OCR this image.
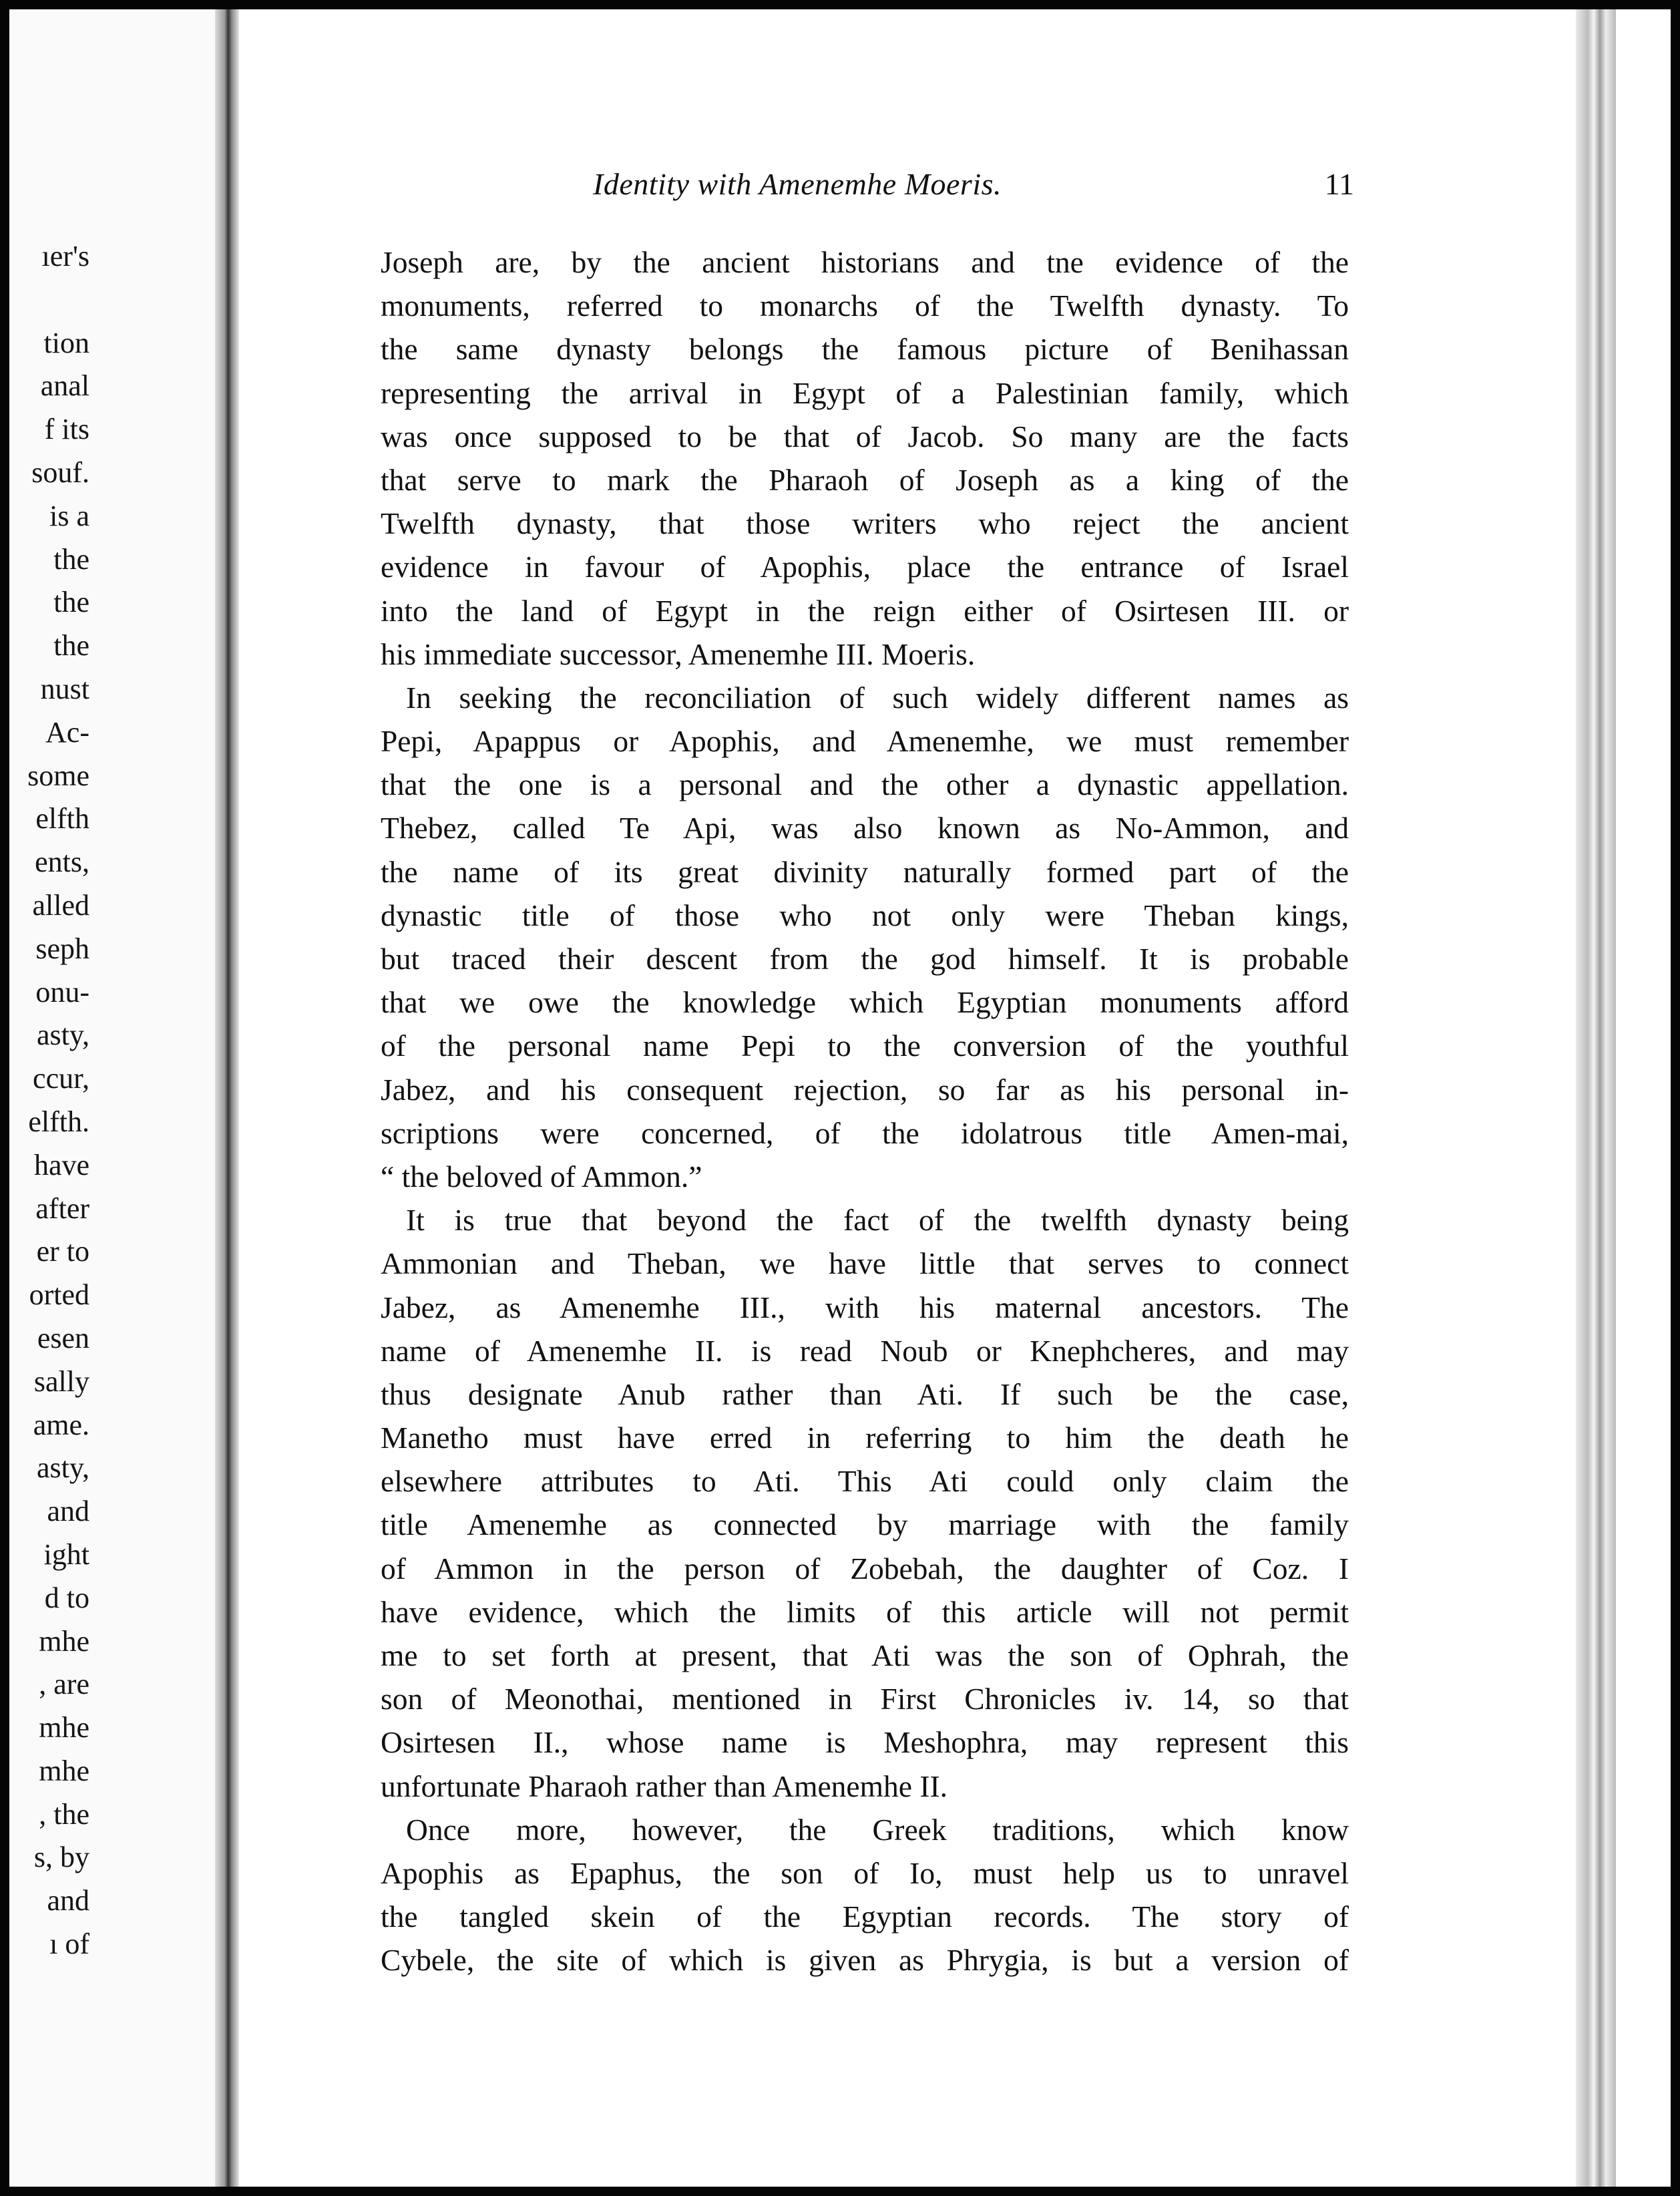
ıer's
tion
anal
f its
souf.
is a
the
the
the
nust
Ac-
some
elfth
ents,
alled
seph
onu-
asty,
ccur,
elfth.
have
after
er to
orted
esen
sally
ame.
asty,
and
ight
d to
mhe
, are
mhe
mhe
, the
s, by
and
ı of
Identity with Amenemhe Moeris.	11
Joseph are, by the ancient historians and tne evidence of the
monuments, referred to monarchs of the Twelfth dynasty. To
the same dynasty belongs the famous picture of Benihassan
representing the arrival in Egypt of a Palestinian family, which
was once supposed to be that of Jacob. So many are the facts
that serve to mark the Pharaoh of Joseph as a king of the
Twelfth dynasty, that those writers who reject the ancient
evidence in favour of Apophis, place the entrance of Israel
into the land of Egypt in the reign either of Osirtesen III. or
his immediate successor, Amenemhe III. Moeris.
In seeking the reconciliation of such widely different names as
Pepi, Apappus or Apophis, and Amenemhe, we must remember
that the one is a personal and the other a dynastic appellation.
Thebez, called Te Api, was also known as No-Ammon, and
the name of its great divinity naturally formed part of the
dynastic title of those who not only were Theban kings,
but traced their descent from the god himself. It is probable
that we owe the knowledge which Egyptian monuments afford
of the personal name Pepi to the conversion of the youthful
Jabez, and his consequent rejection, so far as his personal in-
scriptions were concerned, of the idolatrous title Amen-mai,
“ the beloved of Ammon.”
It is true that beyond the fact of the twelfth dynasty being
Ammonian and Theban, we have little that serves to connect
Jabez, as Amenemhe III., with his maternal ancestors. The
name of Amenemhe II. is read Noub or Knephcheres, and may
thus designate Anub rather than Ati. If such be the case,
Manetho must have erred in referring to him the death he
elsewhere attributes to Ati. This Ati could only claim the
title Amenemhe as connected by marriage with the family
of Ammon in the person of Zobebah, the daughter of Coz. I
have evidence, which the limits of this article will not permit
me to set forth at present, that Ati was the son of Ophrah, the
son of Meonothai, mentioned in First Chronicles iv. 14, so that
Osirtesen II., whose name is Meshophra, may represent this
unfortunate Pharaoh rather than Amenemhe II.
Once more, however, the Greek traditions, which know
Apophis as Epaphus, the son of Io, must help us to unravel
the tangled skein of the Egyptian records. The story of
Cybele, the site of which is given as Phrygia, is but a version of
